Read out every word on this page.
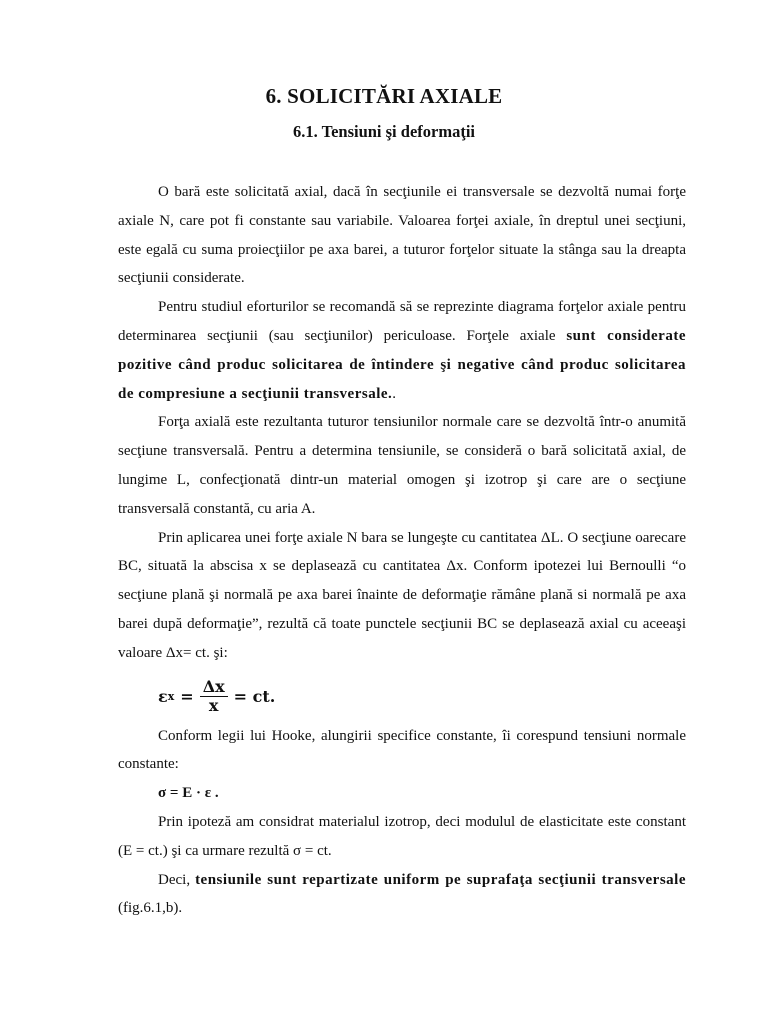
6. SOLICITĂRI AXIALE
6.1. Tensiuni şi deformaţii

O bară este solicitată axial, dacă în secţiunile ei transversale se dezvoltă numai forţe axiale N, care pot fi constante sau variabile. Valoarea forţei axiale, în dreptul unei secţiuni, este egală cu suma proiecţiilor pe axa barei, a tuturor forţelor situate la stânga sau la dreapta secţiunii considerate.

Pentru studiul eforturilor se recomandă să se reprezinte diagrama forţelor axiale pentru determinarea secţiunii (sau secţiunilor) periculoase. Forţele axiale sunt considerate pozitive când produc solicitarea de întindere şi negative când produc solicitarea de compresiune a secţiunii transversale..

Forţa axială este rezultanta tuturor tensiunilor normale care se dezvoltă într-o anumită secţiune transversală. Pentru a determina tensiunile, se consideră o bară solicitată axial, de lungime L, confecţionată dintr-un material omogen şi izotrop şi care are o secţiune transversală constantă, cu aria A.

Prin aplicarea unei forţe axiale N bara se lungeşte cu cantitatea ΔL. O secţiune oarecare BC, situată la abscisa x se deplasează cu cantitatea Δx. Conform ipotezei lui Bernoulli “o secţiune plană şi normală pe axa barei înainte de deformaţie rămâne plană si normală pe axa barei după deformaţie”, rezultă că toate punctele secţiunii BC se deplasează axial cu aceeaşi valoare Δx= ct. şi:

ε $x = \frac{\Delta x}{x}$ = ct.

Conform legii lui Hooke, alungirii specifice constante, îi corespund tensiuni normale constante:

σ = E · ε .

Prin ipoteză am considrat materialul izotrop, deci modulul de elasticitate este constant (E = ct.) şi ca urmare rezultă σ = ct.

Deci, tensiunile sunt repartizate uniform pe suprafaţa secţiunii transversale (fig.6.1,b).
